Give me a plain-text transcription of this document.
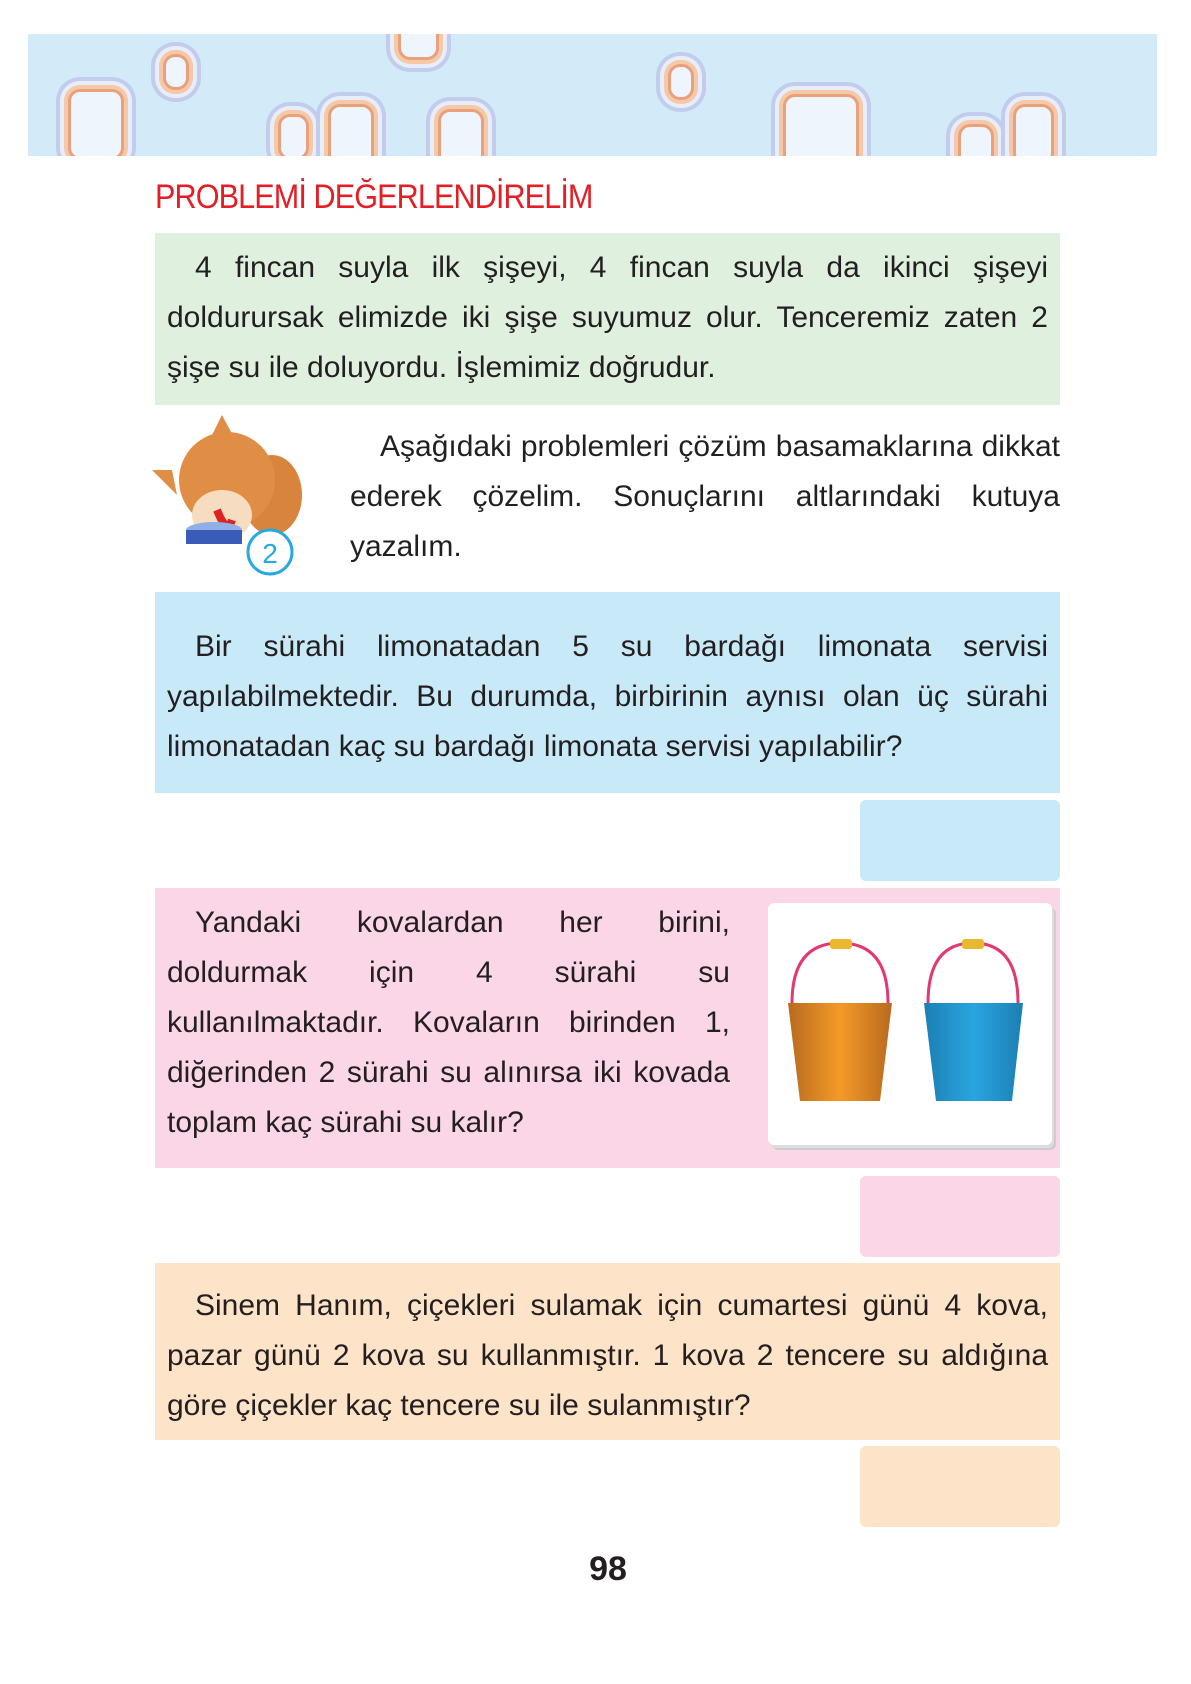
PROBLEMİ DEĞERLENDİRELİM

4 fincan suyla ilk şişeyi, 4 fincan suyla da ikinci şişeyi doldurursak elimizde iki şişe suyumuz olur. Tenceremiz zaten 2 şişe su ile doluyordu. İşlemimiz doğrudur.

2

Aşağıdaki problemleri çözüm basamaklarına dikkat ederek çözelim. Sonuçlarını altlarındaki kutuya yazalım.

Bir sürahi limonatadan 5 su bardağı limonata servisi yapılabilmektedir. Bu durumda, birbirinin aynısı olan üç sürahi limonatadan kaç su bardağı limonata servisi yapılabilir?

Yandaki kovalardan her birini, doldurmak için 4 sürahi su kullanılmaktadır. Kovaların birinden 1, diğerinden 2 sürahi su alınırsa iki kovada toplam kaç sürahi su kalır?

Sinem Hanım, çiçekleri sulamak için cumartesi günü 4 kova, pazar günü 2 kova su kullanmıştır. 1 kova 2 tencere su aldığına göre çiçekler kaç tencere su ile sulanmıştır?

98
